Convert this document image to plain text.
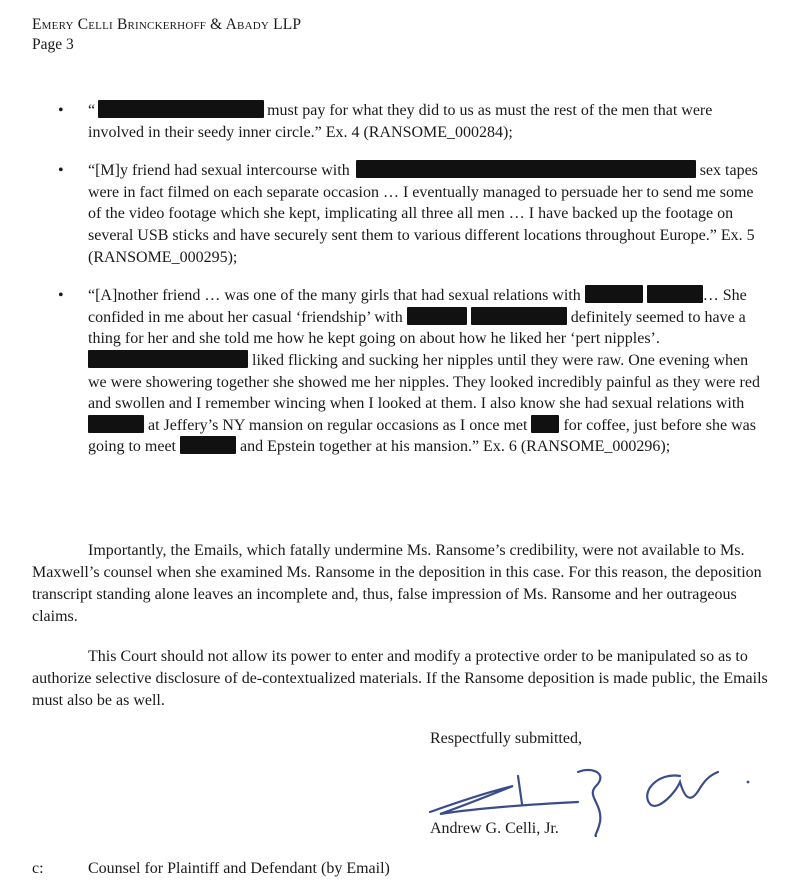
Emery Celli Brinckerhoff & Abady LLP
Page 3
• “	must pay for what they did to us as must the rest of the men that were involved in their seedy inner circle.” Ex. 4 (RANSOME_000284);
• “[M]y friend had sexual intercourse with	sex tapes were in fact filmed on each separate occasion … I eventually managed to persuade her to send me some of the video footage which she kept, implicating all three all men … I have backed up the footage on several USB sticks and have securely sent them to various different locations throughout Europe.” Ex. 5 (RANSOME_000295);
• “[A]nother friend … was one of the many girls that had sexual relations with	… She confided in me about her casual ‘friendship’ with	definitely seemed to have a thing for her and she told me how he kept going on about how he liked her ‘pert nipples’.  liked flicking and sucking her nipples until they were raw. One evening when we were showering together she showed me her nipples. They looked incredibly painful as they were red and swollen and I remember wincing when I looked at them. I also know she had sexual relations with  at Jeffery’s NY mansion on regular occasions as I once met for coffee, just before she was going to meet	and Epstein together at his mansion.” Ex. 6 (RANSOME_000296);
Importantly, the Emails, which fatally undermine Ms. Ransome’s credibility, were not available to Ms. Maxwell’s counsel when she examined Ms. Ransome in the deposition in this case. For this reason, the deposition transcript standing alone leaves an incomplete and, thus, false impression of Ms. Ransome and her outrageous claims.
This Court should not allow its power to enter and modify a protective order to be manipulated so as to authorize selective disclosure of de-contextualized materials. If the Ransome deposition is made public, the Emails must also be as well.
Respectfully submitted,
Andrew G. Celli, Jr.
c:	Counsel for Plaintiff and Defendant (by Email)
